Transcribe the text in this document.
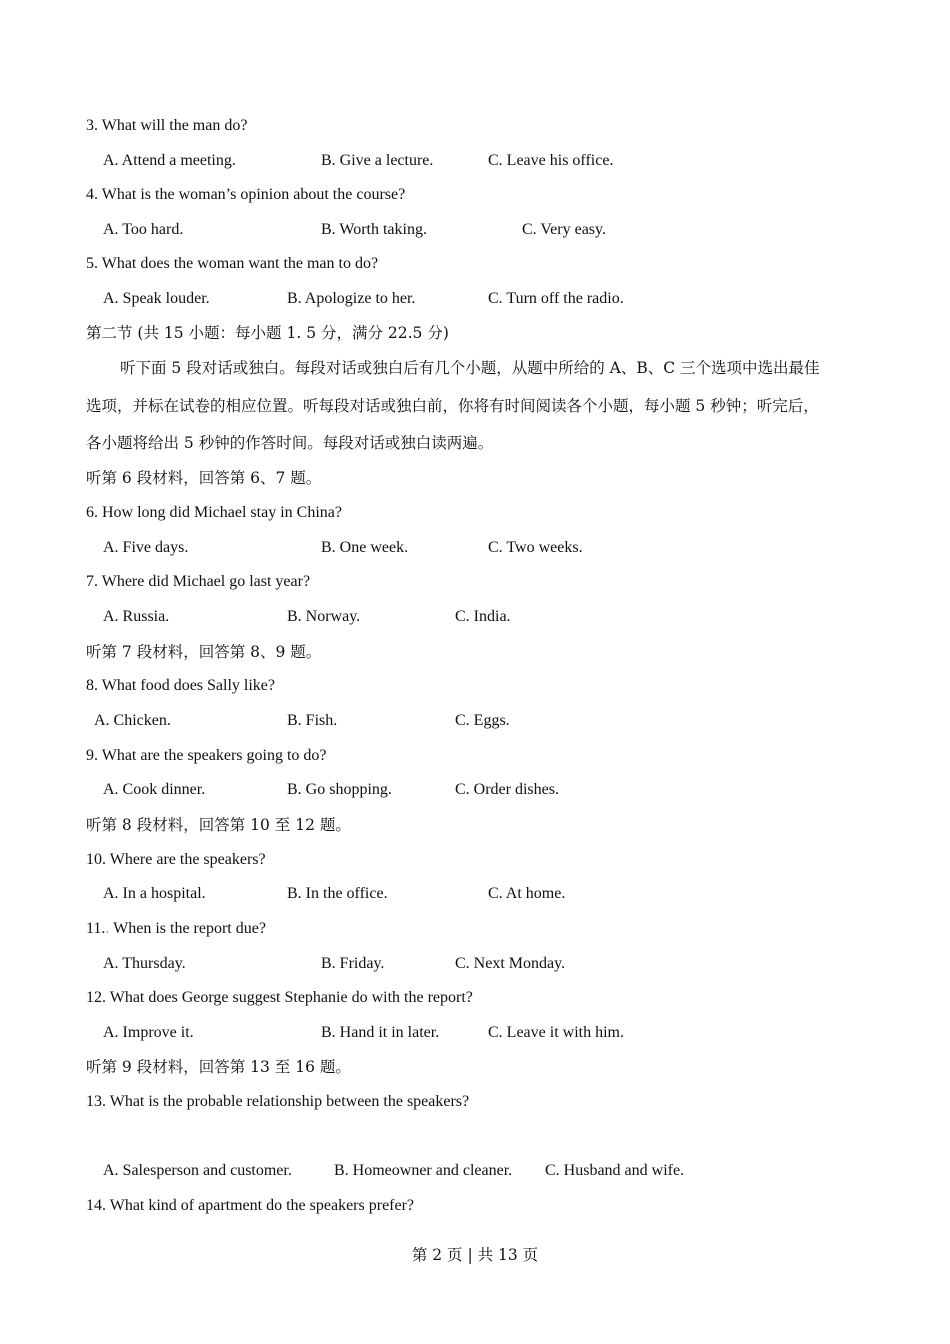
3. What will the man do?
A. Attend a meeting.	B. Give a lecture.	C. Leave his office.
4. What is the woman’s opinion about the course?
A. Too hard.	B. Worth taking.	C. Very easy.
5. What does the woman want the man to do?
A. Speak louder.	B. Apologize to her.	C. Turn off the radio.
第二节 (共 15 小题：每小题 1. 5 分，满分 22.5 分)
听下面 5 段对话或独白。每段对话或独白后有几个小题，从题中所给的 A、B、C 三个选项中选出最佳
选项，并标在试卷的相应位置。听每段对话或独白前，你将有时间阅读各个小题，每小题 5 秒钟；听完后，
各小题将给出 5 秒钟的作答时间。每段对话或独白读两遍。
听第 6 段材料，回答第 6、7 题。
6. How long did Michael stay in China?
A. Five days.	B. One week.	C. Two weeks.
7. Where did Michael go last year?
A. Russia.	B. Norway.	C. India.
听第 7 段材料，回答第 8、9 题。
8. What food does Sally like?
A. Chicken.	B. Fish.	C. Eggs.
9. What are the speakers going to do?
A. Cook dinner.	B. Go shopping.	C. Order dishes.
听第 8 段材料，回答第 10 至 12 题。
10. Where are the speakers?
A. In a hospital.	B. In the office.	C. At home.
11.. When is the report due?
A. Thursday.	B. Friday.	C. Next Monday.
12. What does George suggest Stephanie do with the report?
A. Improve it.	B. Hand it in later.	C. Leave it with him.
听第 9 段材料，回答第 13 至 16 题。
13. What is the probable relationship between the speakers?
A. Salesperson and customer.	B. Homeowner and cleaner. C. Husband and wife.
14. What kind of apartment do the speakers prefer?
第 2 页 | 共 13 页
